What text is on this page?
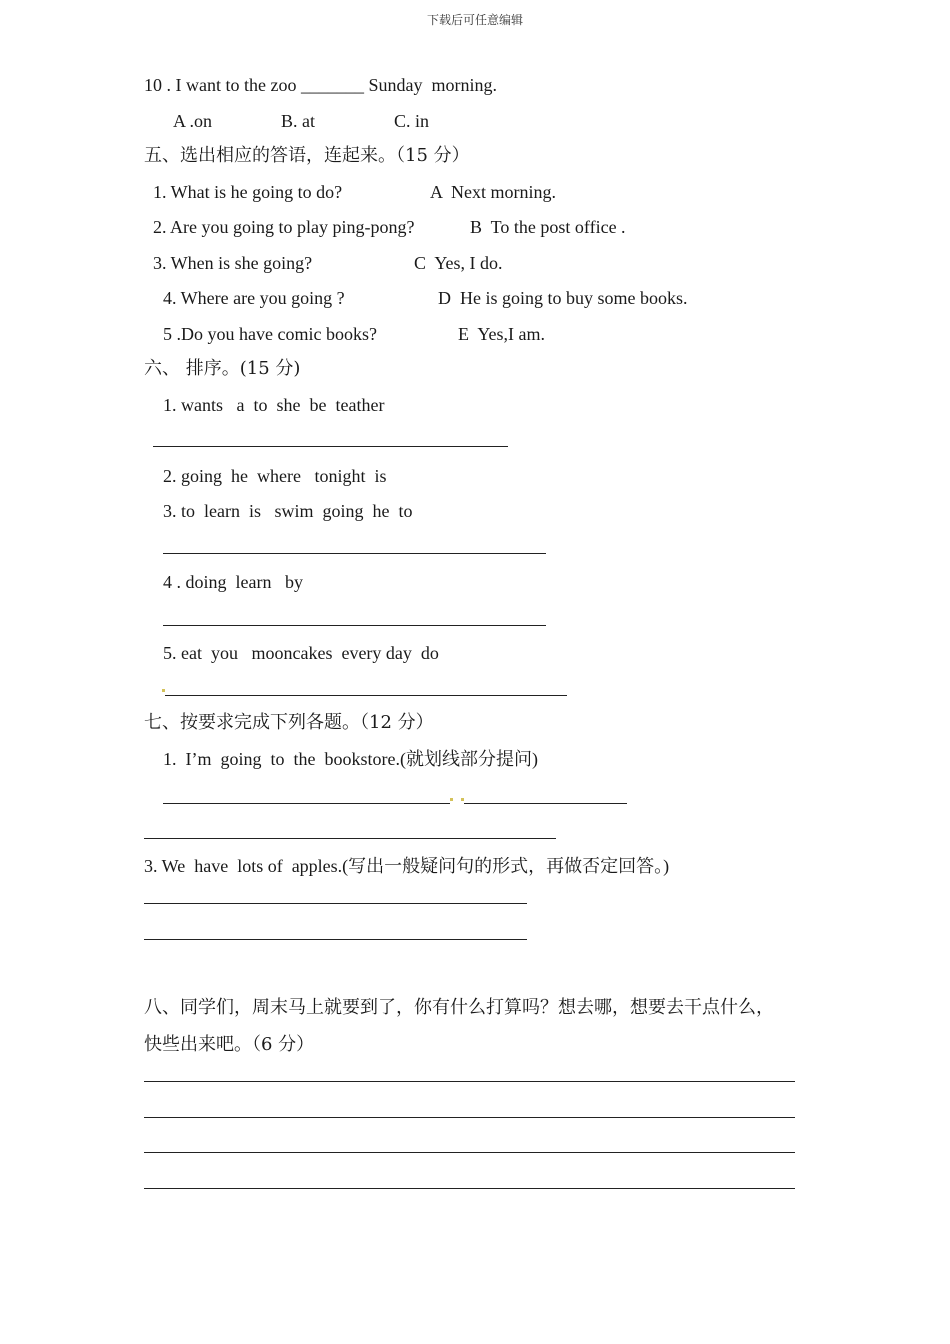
下载后可任意编辑
10 . I want to the zoo _______ Sunday  morning.
A .on	B. at	C. in
五、选出相应的答语，连起来。（15 分）
1. What is he going to do?	A  Next morning.
2. Are you going to play ping-pong?	B  To the post office .
3. When is she going?	C  Yes, I do.
4. Where are you going ?	D  He is going to buy some books.
5 .Do you have comic books?	E  Yes,I am.
六、 排序。(15 分)
1. wants   a  to  she  be  teather
2. going  he  where   tonight  is
3. to  learn  is   swim  going  he  to
4 . doing  learn   by
5. eat  you   mooncakes  every day  do
七、按要求完成下列各题。（12 分）
1.  I’m  going  to  the  bookstore.(就划线部分提问)
3. We  have  lots of  apples.(写出一般疑问句的形式，再做否定回答。)
八、同学们，周末马上就要到了，你有什么打算吗？想去哪，想要去干点什么，
快些出来吧。（6 分）
